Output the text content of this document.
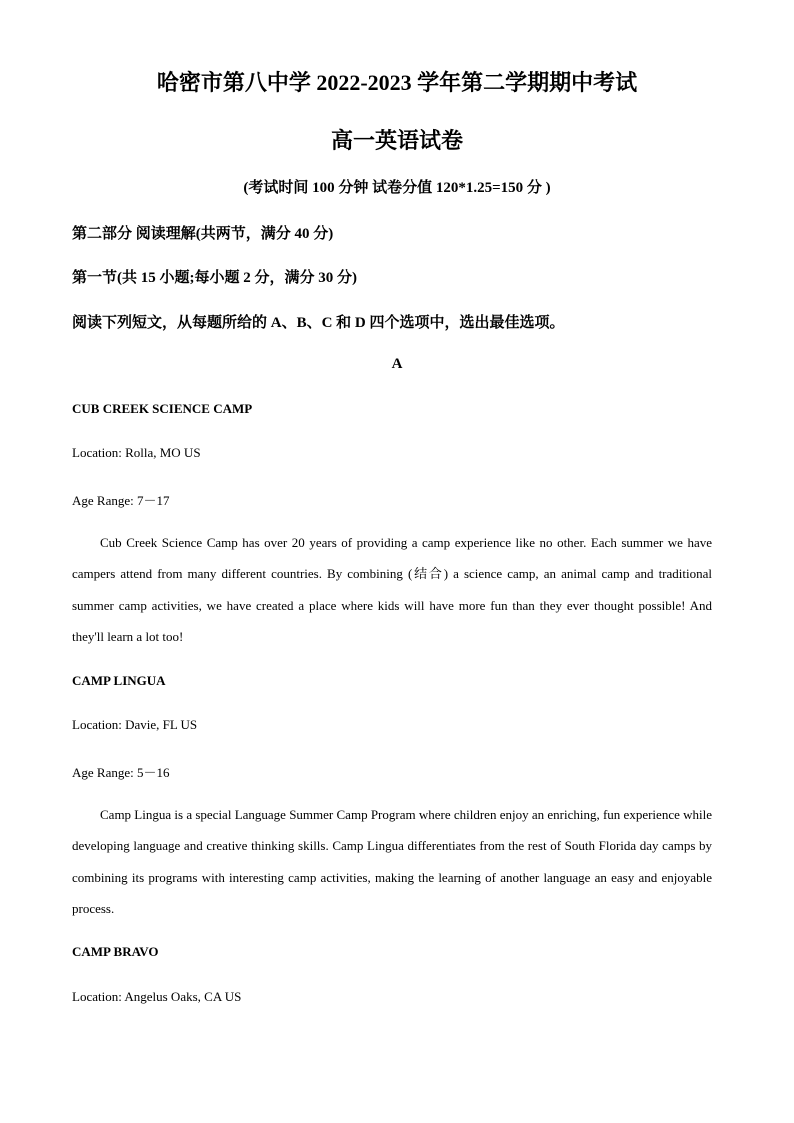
哈密市第八中学 2022-2023 学年第二学期期中考试
高一英语试卷
(考试时间 100 分钟 试卷分值 120*1.25=150 分 )
第二部分 阅读理解(共两节，满分 40 分)
第一节(共 15 小题;每小题 2 分，满分 30 分)
阅读下列短文，从每题所给的 A、B、C 和 D 四个选项中，选出最佳选项。
A
CUB CREEK SCIENCE CAMP
Location: Rolla, MO US
Age Range: 7－17
Cub Creek Science Camp has over 20 years of providing a camp experience like no other. Each summer we have campers attend from many different countries. By combining (结合) a science camp, an animal camp and traditional summer camp activities, we have created a place where kids will have more fun than they ever thought possible! And they'll learn a lot too!
CAMP LINGUA
Location: Davie, FL US
Age Range: 5－16
Camp Lingua is a special Language Summer Camp Program where children enjoy an enriching, fun experience while developing language and creative thinking skills. Camp Lingua differentiates from the rest of South Florida day camps by combining its programs with interesting camp activities, making the learning of another language an easy and enjoyable process.
CAMP BRAVO
Location: Angelus Oaks, CA US
